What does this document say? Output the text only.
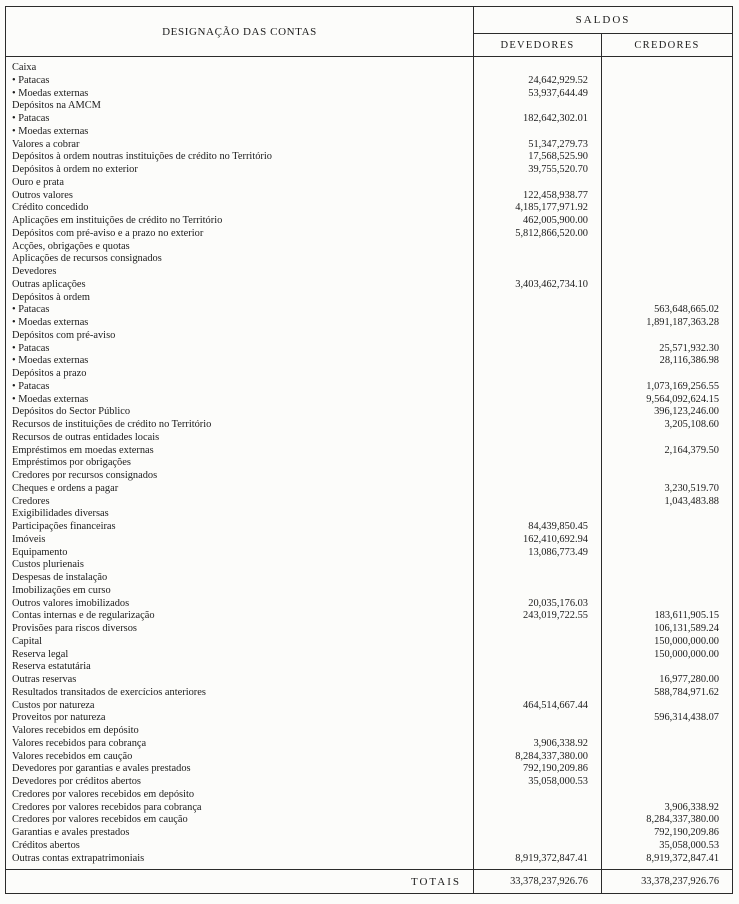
DESIGNAÇÃO DAS CONTAS	SALDOS	
	DEVEDORES	CREDORES
Caixa		
• Patacas	24,642,929.52	
• Moedas externas	53,937,644.49	
Depósitos na AMCM		
• Patacas	182,642,302.01	
• Moedas externas		
Valores a cobrar	51,347,279.73	
Depósitos à ordem noutras instituições de crédito no Território	17,568,525.90	
Depósitos à ordem no exterior	39,755,520.70	
Ouro e prata		
Outros valores	122,458,938.77	
Crédito concedido	4,185,177,971.92	
Aplicações em instituições de crédito no Território	462,005,900.00	
Depósitos com pré-aviso e a prazo no exterior	5,812,866,520.00	
Acções, obrigações e quotas		
Aplicações de recursos consignados		
Devedores		
Outras aplicações	3,403,462,734.10	
Depósitos à ordem		
• Patacas		563,648,665.02
• Moedas externas		1,891,187,363.28
Depósitos com pré-aviso		
• Patacas		25,571,932.30
• Moedas externas		28,116,386.98
Depósitos a prazo		
• Patacas		1,073,169,256.55
• Moedas externas		9,564,092,624.15
Depósitos do Sector Público		396,123,246.00
Recursos de instituições de crédito no Território		3,205,108.60
Recursos de outras entidades locais		
Empréstimos em moedas externas		2,164,379.50
Empréstimos por obrigações		
Credores por recursos consignados		
Cheques e ordens a pagar		3,230,519.70
Credores		1,043,483.88
Exigibilidades diversas		
Participações financeiras	84,439,850.45	
Imóveis	162,410,692.94	
Equipamento	13,086,773.49	
Custos plurienais		
Despesas de instalação		
Imobilizações em curso		
Outros valores imobilizados	20,035,176.03	
Contas internas e de regularização	243,019,722.55	183,611,905.15
Provisões para riscos diversos		106,131,589.24
Capital		150,000,000.00
Reserva legal		150,000,000.00
Reserva estatutária		
Outras reservas		16,977,280.00
Resultados transitados de exercícios anteriores		588,784,971.62
Custos por natureza	464,514,667.44	
Proveitos por natureza		596,314,438.07
Valores recebidos em depósito		
Valores recebidos para cobrança	3,906,338.92	
Valores recebidos em caução	8,284,337,380.00	
Devedores por garantias e avales prestados	792,190,209.86	
Devedores por créditos abertos	35,058,000.53	
Credores por valores recebidos em depósito		
Credores por valores recebidos para cobrança		3,906,338.92
Credores por valores recebidos em caução		8,284,337,380.00
Garantias e avales prestados		792,190,209.86
Créditos abertos		35,058,000.53
Outras contas extrapatrimoniais	8,919,372,847.41	8,919,372,847.41
TOTAIS	33,378,237,926.76	33,378,237,926.76
